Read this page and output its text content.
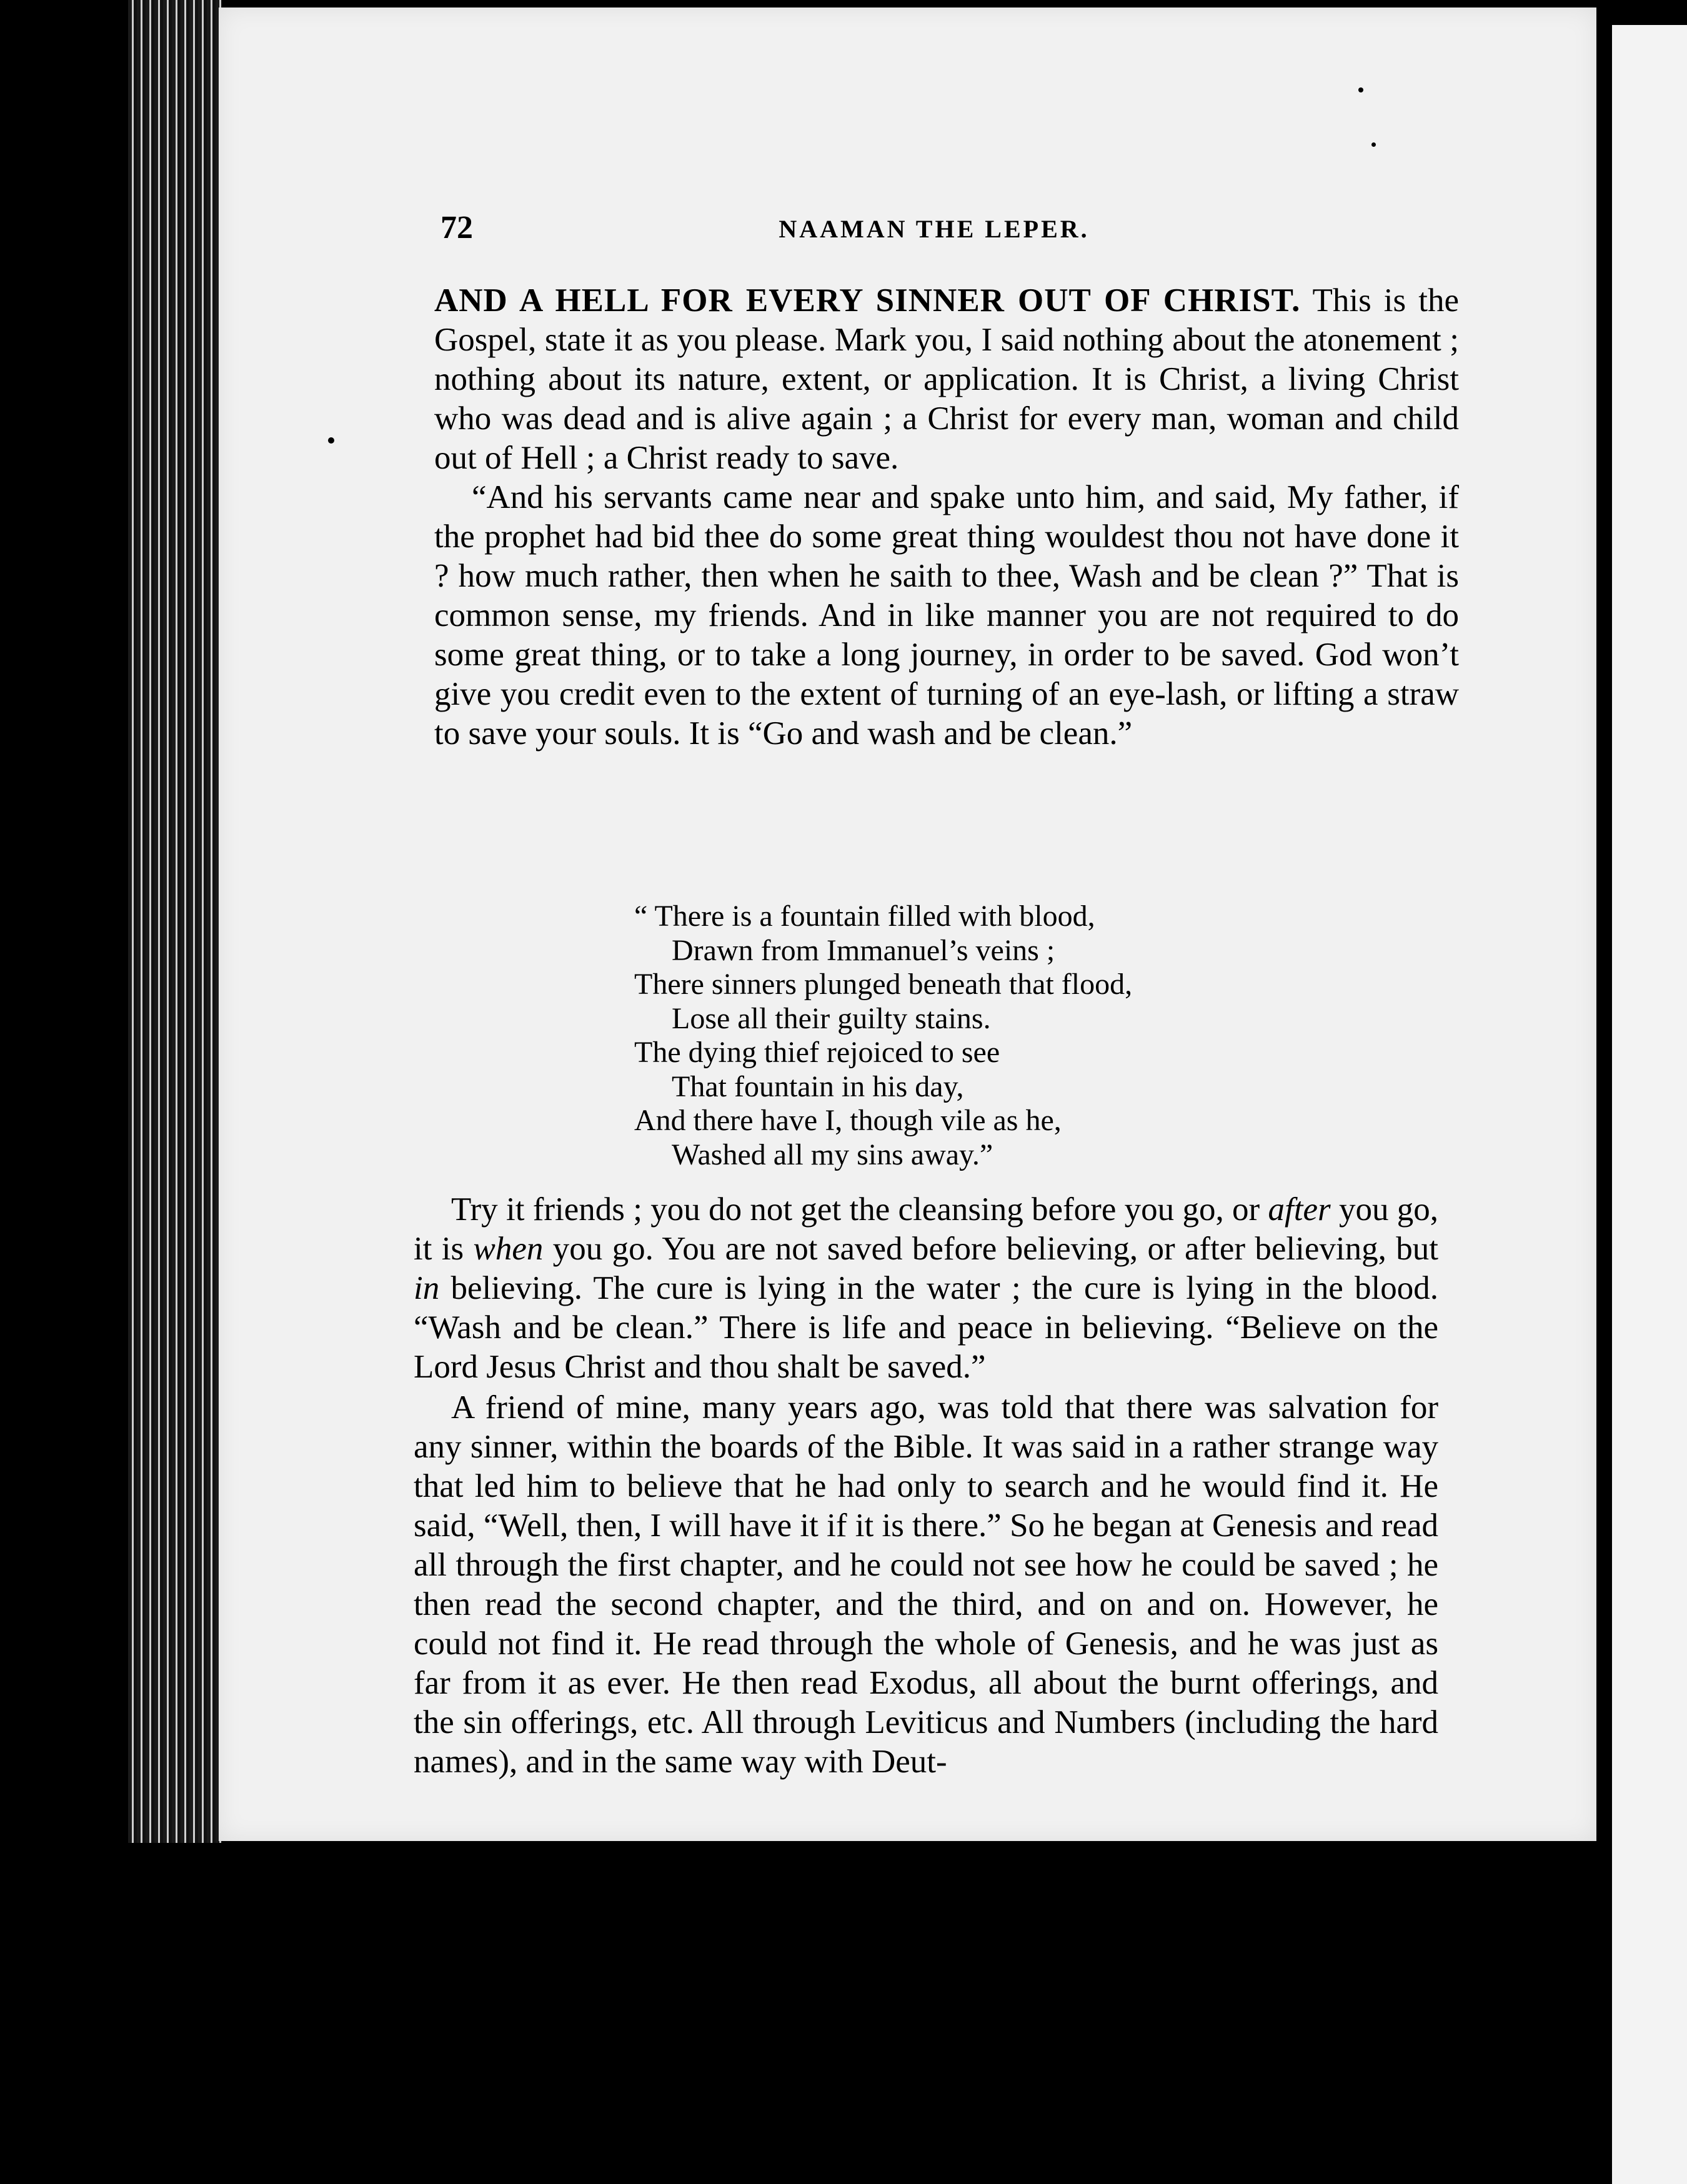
72	NAAMAN THE LEPER.

AND A HELL FOR EVERY SINNER OUT OF CHRIST. This is the Gospel, state it as you please. Mark you, I said nothing about the atonement ; nothing about its nature, extent, or application. It is Christ, a living Christ who was dead and is alive again ; a Christ for every man, woman and child out of Hell ; a Christ ready to save.

“And his servants came near and spake unto him, and said, My father, if the prophet had bid thee do some great thing wouldest thou not have done it ? how much rather, then when he saith to thee, Wash and be clean ?” That is common sense, my friends. And in like manner you are not required to do some great thing, or to take a long journey, in order to be saved. God won’t give you credit even to the extent of turning of an eye-lash, or lifting a straw to save your souls. It is “Go and wash and be clean.”

“ There is a fountain filled with blood,
Drawn from Immanuel’s veins ;
There sinners plunged beneath that flood,
Lose all their guilty stains.
The dying thief rejoiced to see
That fountain in his day,
And there have I, though vile as he,
Washed all my sins away.”

Try it friends ; you do not get the cleansing before you go, or after you go, it is when you go. You are not saved before believing, or after believing, but in believing. The cure is lying in the water ; the cure is lying in the blood. “Wash and be clean.” There is life and peace in believing. “Believe on the Lord Jesus Christ and thou shalt be saved.”

A friend of mine, many years ago, was told that there was salvation for any sinner, within the boards of the Bible. It was said in a rather strange way that led him to believe that he had only to search and he would find it. He said, “Well, then, I will have it if it is there.” So he began at Genesis and read all through the first chapter, and he could not see how he could be saved ; he then read the second chapter, and the third, and on and on. However, he could not find it. He read through the whole of Genesis, and he was just as far from it as ever. He then read Exodus, all about the burnt offerings, and the sin offerings, etc. All through Leviticus and Numbers (including the hard names), and in the same way with Deut-
